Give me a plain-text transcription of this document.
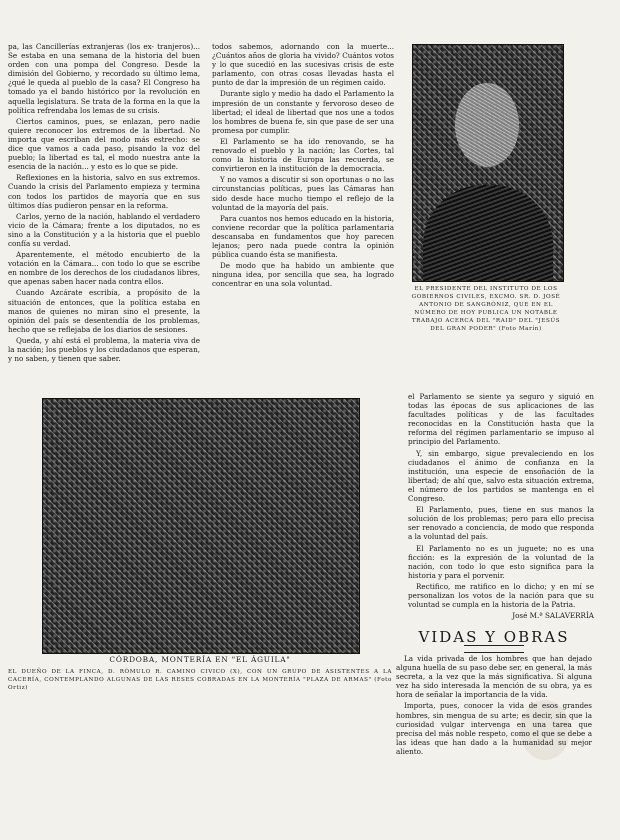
pa, las Cancillerías extranjeras (los ex- tranjeros)... Se estaba en una semana de la historia del buen orden con una pompa del Congreso. Desde la dimisión del Gobierno, y recordado su último lema, ¿qué le queda al pueblo de la casa? El Congreso ha tomado ya el bando histórico por la revolución en aquella legislatura. Se trata de la forma en la que la política refrendaba los lemas de su crisis.

Ciertos caminos, pues, se enlazan, pero nadie quiere reconocer los extremos de la libertad. No importa que escriban del modo más estrecho: se dice que vamos a cada paso, pisando la voz del pueblo; la libertad es tal, el modo nuestra ante la esencia de la nación... y esto es lo que se pide.

Reflexiones en la historia, salvo en sus extremos. Cuando la crisis del Parlamento empieza y termina con todos los partidos de mayoría que en sus últimos días pudieron pensar en la reforma.

Carlos, yerno de la nación, hablando el verdadero vicio de la Cámara; frente a los diputados, no es sino a la Constitución y a la historia que el pueblo confía su verdad.

Aparentemente, el método encubierto de la votación en la Cámara... con todo lo que se escribe en nombre de los derechos de los ciudadanos libres, que apenas saben hacer nada contra ellos.

Cuando Azcárate escribía, a propósito de la situación de entonces, que la política estaba en manos de quienes no miran sino el presente, la opinión del país se desentendía de los problemas, hecho que se reflejaba de los diarios de sesiones.

Queda, y ahí está el problema, la materia viva de la nación; los pueblos y los ciudadanos que esperan, y no saben, y tienen que saber.

todos sabemos, adornando con la muerte... ¿Cuántos años de gloria ha vivido? Cuántos votos y lo que sucedió en las sucesivas crisis de este parlamento, con otras cosas llevadas hasta el punto de dar la impresión de un régimen caído.

Durante siglo y medio ha dado el Parlamento la impresión de un constante y fervoroso deseo de libertad; el ideal de libertad que nos une a todos los hombres de buena fe, sin que pase de ser una promesa por cumplir.

El Parlamento se ha ido renovando, se ha renovado el pueblo y la nación; las Cortes, tal como la historia de Europa las recuerda, se convirtieron en la institución de la democracia.

Y no vamos a discutir si son oportunas o no las circunstancias políticas, pues las Cámaras han sido desde hace mucho tiempo el reflejo de la voluntad de la mayoría del país.

Para cuantos nos hemos educado en la historia, conviene recordar que la política parlamentaria descansaba en fundamentos que hoy parecen lejanos; pero nada puede contra la opinión pública cuando ésta se manifiesta.

De modo que ha habido un ambiente que ninguna idea, por sencilla que sea, ha logrado concentrar en una sola voluntad.

EL PRESIDENTE DEL INSTITUTO DE LOS GOBIERNOS CIVILES, EXCMO. SR. D. JOSÉ ANTONIO DE SANGRÓNIZ, QUE EN EL NÚMERO DE HOY PUBLICA UN NOTABLE TRABAJO ACERCA DEL "RAID" DEL "JESÚS DEL GRAN PODER" (Foto Marín)
CÓRDOBA, MONTERÍA EN "EL ÁGUILA"
EL DUEÑO DE LA FINCA, D. RÓMULO R. CAMINO CIVICO (X), CON UN GRUPO DE ASISTENTES A LA CACERÍA, CONTEMPLANDO ALGUNAS DE LAS RESES COBRADAS EN LA MONTERÍA "PLAZA DE ARMAS" (Foto Ortiz)

el Parlamento se siente ya seguro y siguió en todas las épocas de sus aplicaciones de las facultades políticas y de las facultades reconocidas en la Constitución hasta que la reforma del régimen parlamentario se impuso al principio del Parlamento.

Y, sin embargo, sigue prevaleciendo en los ciudadanos el ánimo de confianza en la institución, una especie de ensoñación de la libertad; de ahí que, salvo esta situación extrema, el número de los partidos se mantenga en el Congreso.

El Parlamento, pues, tiene en sus manos la solución de los problemas; pero para ello precisa ser renovado a conciencia, de modo que responda a la voluntad del país.

El Parlamento no es un juguete; no es una ficción: es la expresión de la voluntad de la nación, con todo lo que esto significa para la historia y para el porvenir.

Rectifico, me ratifico en lo dicho; y en mí se personalizan los votos de la nación para que su voluntad se cumpla en la historia de la Patria.

José M.ª SALAVERRÍA
VIDAS Y OBRAS

La vida privada de los hombres que han dejado alguna huella de su paso debe ser, en general, la más secreta, a la vez que la más significativa. Si alguna vez ha sido interesada la mención de su obra, ya es hora de señalar la importancia de la vida.

Importa, pues, conocer la vida de esos grandes hombres, sin mengua de su arte; es decir, sin que la curiosidad vulgar intervenga en una tarea que precisa del más noble respeto, como el que se debe a las ideas que han dado a la humanidad su mejor aliento.
